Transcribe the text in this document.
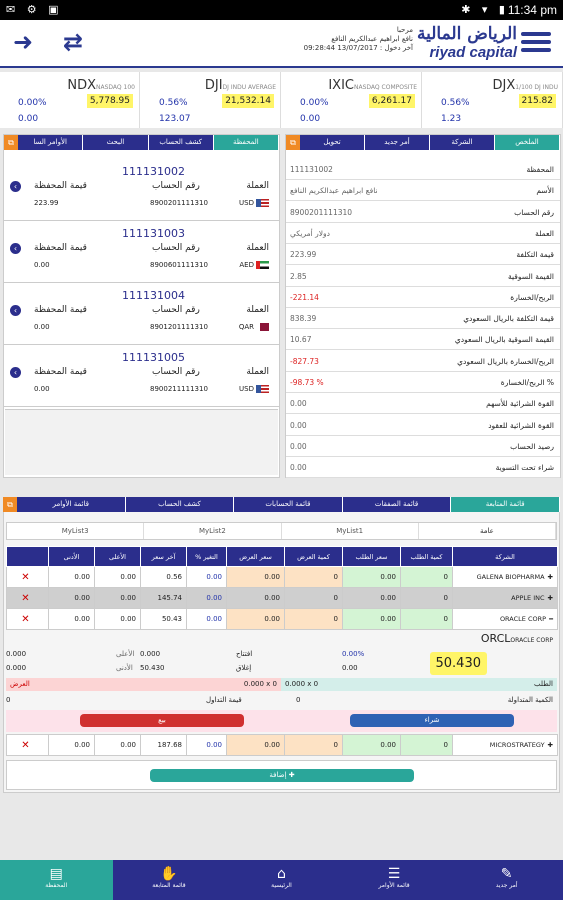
✉ ⚙ ▣	✱ ▾ ▮
11:34 pm
➜ ⇄	مرحبا
نافع ابراهيم عبدالكريم النافع
آخر دخول : 13/07/2017 09:28:44
الرياض المالية
riyad capital
DJX1/100 DJ INDU
0.56%	215.82
1.23
IXICNASDAQ COMPOSITE
0.00%	6,261.17
0.00
DJIDJ INDU AVERAGE
0.56%	21,532.14
123.07
NDXNASDAQ 100
0.00%	5,778.95
0.00
⧉	تحويل	أمر جديد	الشركة	الملخص
المحفظة
111131002
الأسم
نافع ابراهيم عبدالكريم النافع
رقم الحساب
8900201111310
العملة
دولار أمريكي
قيمة التكلفة
223.99
القيمة السوقية
2.85
الربح/الخسارة
-221.14
قيمة التكلفة بالريال السعودي
838.39
القيمة السوقية بالريال السعودي
10.67
الربح/الخسارة بالريال السعودي
-827.73
الربح/الخسارة %
-98.73 %
القوة الشرائية للأسهم
0.00
القوة الشرائية للعقود
0.00
رصيد الحساب
0.00
شراء تحت التسوية
0.00
⧉	الأوامر السا	البحث	كشف الحساب	المحفظة
111131002
العملة
رقم الحساب
قيمة المحفظة
USD
8900201111310
223.99
‹
111131003
العملة
رقم الحساب
قيمة المحفظة
AED
8900601111310
0.00
‹
111131004
العملة
رقم الحساب
قيمة المحفظة
QAR
8901201111310
0.00
‹
111131005
العملة
رقم الحساب
قيمة المحفظة
USD
8900211111310
0.00
‹
⧉	قائمة الأوامر	كشف الحساب	قائمة الحسابات	قائمة الصفقات	قائمة المتابعة
MyList3	MyList2	MyList1	عامة
	الأدنى	الأعلى	آخر سعر	% التغير	سعر العرض	كمية العرض	سعر الطلب	كمية الطلب	الشركة
✕	0.00	0.00	0.56	0.00	0.00	0	0.00	0	GALENA BIOPHARMA ✚
✕	0.00	0.00	145.74	0.00	0.00	0	0.00	0	APPLE INC ✚
✕	0.00	0.00	50.43	0.00	0.00	0	0.00	0	ORACLE CORP ━
ORCLORACLE CORP
50.430
افتتاح	0.00%
إغلاق	0.00
الأعلى 0.000
الأدنى 50.430
0.000
0.000
العرض	0.000 x 0 0.000 x 0	الطلب
الكمية المتداولة
0
قيمة التداول
0
بيع	شراء
✕	0.00	0.00	187.68	0.00	0.00	0	0.00	0	MICROSTRATEGY ✚
إضافة ✚
▤
المحفظة
✋
قائمة المتابعة
⌂
الرئيسية
☰
قائمة الأوامر
✎
أمر جديد
